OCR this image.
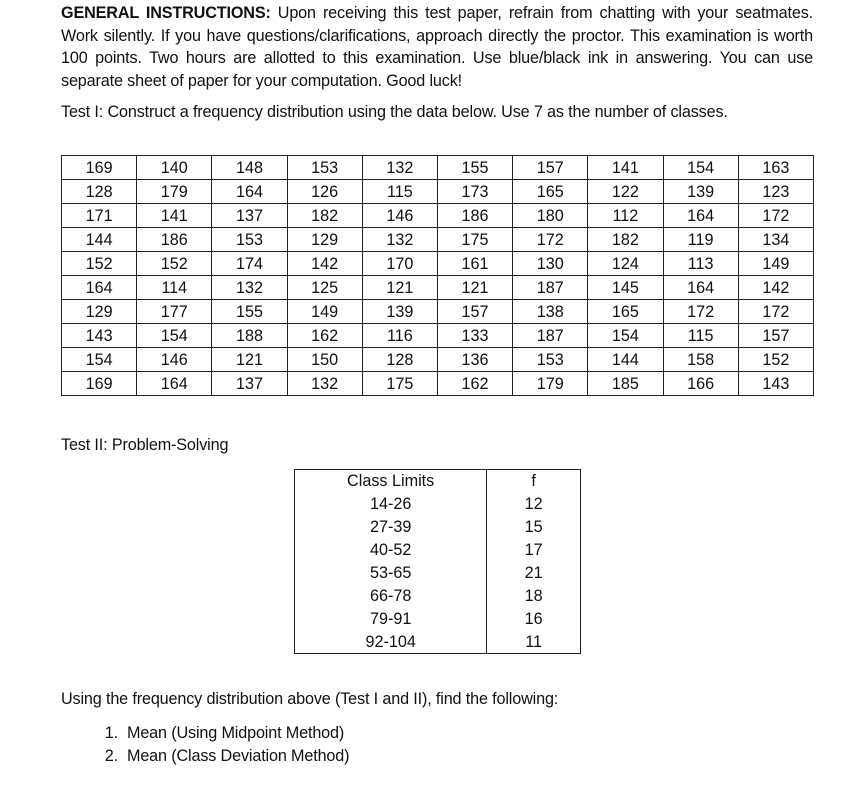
GENERAL INSTRUCTIONS: Upon receiving this test paper, refrain from chatting with your seatmates. Work silently. If you have questions/clarifications, approach directly the proctor. This examination is worth 100 points. Two hours are allotted to this examination. Use blue/black ink in answering. You can use separate sheet of paper for your computation. Good luck!
Test I: Construct a frequency distribution using the data below. Use 7 as the number of classes.
169	140	148	153	132	155	157	141	154	163
128	179	164	126	115	173	165	122	139	123
171	141	137	182	146	186	180	112	164	172
144	186	153	129	132	175	172	182	119	134
152	152	174	142	170	161	130	124	113	149
164	114	132	125	121	121	187	145	164	142
129	177	155	149	139	157	138	165	172	172
143	154	188	162	116	133	187	154	115	157
154	146	121	150	128	136	153	144	158	152
169	164	137	132	175	162	179	185	166	143
Test II: Problem-Solving
Class Limits	f
14-26	12
27-39	15
40-52	17
53-65	21
66-78	18
79-91	16
92-104	11
Using the frequency distribution above (Test I and II), find the following:
1. Mean (Using Midpoint Method)
2. Mean (Class Deviation Method)
